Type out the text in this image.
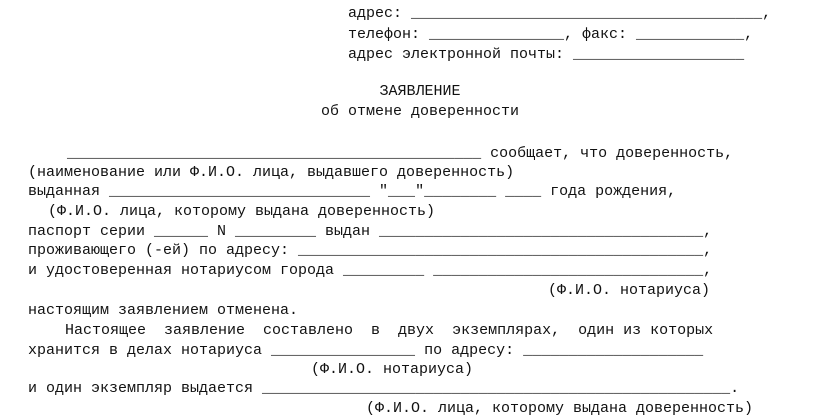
адрес: _______________________________________,
телефон: _______________, факс: ____________,
адрес электронной почты: ___________________
ЗАЯВЛЕНИЕ
об отмене доверенности
______________________________________________ сообщает, что доверенность,
(наименование или Ф.И.О. лица, выдавшего доверенность)
выданная _____________________________ "___"________ ____ года рождения,
(Ф.И.О. лица, которому выдана доверенность)
паспорт серии ______ N _________ выдан ____________________________________,
проживающего (-ей) по адресу: _____________________________________________,
и удостоверенная нотариусом города _________ ______________________________,
(Ф.И.О. нотариуса)
настоящим заявлением отменена.
Настоящее  заявление  составлено  в  двух  экземплярах,  один из которых
хранится в делах нотариуса ________________ по адресу: ____________________
(Ф.И.О. нотариуса)
и один экземпляр выдается ____________________________________________________.
(Ф.И.О. лица, которому выдана доверенность)
